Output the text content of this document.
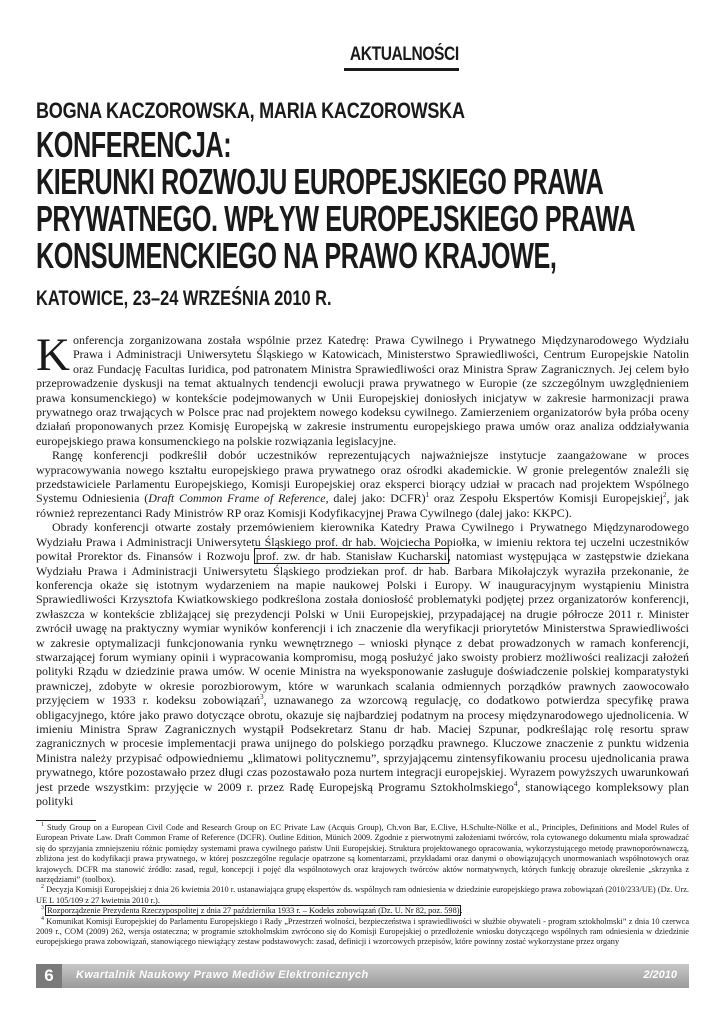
AKTUALNOŚCI
BOGNA KACZOROWSKA, MARIA KACZOROWSKA
KONFERENCJA:
KIERUNKI ROZWOJU EUROPEJSKIEGO PRAWA
PRYWATNEGO. WPŁYW EUROPEJSKIEGO PRAWA
KONSUMENCKIEGO NA PRAWO KRAJOWE,
KATOWICE, 23–24 WRZEŚNIA 2010 R.

Konferencja zorganizowana została wspólnie przez Katedrę: Prawa Cywilnego i Prywatnego Międzynarodowego Wydziału Prawa i Administracji Uniwersytetu Śląskiego w Katowicach, Ministerstwo Sprawiedliwości, Centrum Europejskie Natolin oraz Fundację Facultas Iuridica, pod patronatem Ministra Sprawiedliwości oraz Ministra Spraw Zagranicznych. Jej celem było przeprowadzenie dyskusji na temat aktualnych tendencji ewolucji prawa prywatnego w Europie (ze szczególnym uwzględnieniem prawa konsumenckiego) w kontekście podejmowanych w Unii Europejskiej doniosłych inicjatyw w zakresie harmonizacji prawa prywatnego oraz trwających w Polsce prac nad projektem nowego kodeksu cywilnego. Zamierzeniem organizatorów była próba oceny działań proponowanych przez Komisję Europejską w zakresie instrumentu europejskiego prawa umów oraz analiza oddziaływania europejskiego prawa konsumenckiego na polskie rozwiązania legislacyjne.

Rangę konferencji podkreślił dobór uczestników reprezentujących najważniejsze instytucje zaangażowane w proces wypracowywania nowego kształtu europejskiego prawa prywatnego oraz ośrodki akademickie. W gronie prelegentów znaleźli się przedstawiciele Parlamentu Europejskiego, Komisji Europejskiej oraz eksperci biorący udział w pracach nad projektem Wspólnego Systemu Odniesienia (Draft Common Frame of Reference, dalej jako: DCFR)$^1$ oraz Zespołu Ekspertów Komisji Europejskiej$^2$, jak również reprezentanci Rady Ministrów RP oraz Komisji Kodyfikacyjnej Prawa Cywilnego (dalej jako: KKPC).

Obrady konferencji otwarte zostały przemówieniem kierownika Katedry Prawa Cywilnego i Prywatnego Międzynarodowego Wydziału Prawa i Administracji Uniwersytetu Śląskiego prof. dr hab. Wojciecha Popiołka, w imieniu rektora tej uczelni uczestników powitał Prorektor ds. Finansów i Rozwoju prof. zw. dr hab. Stanisław Kucharski, natomiast występująca w zastępstwie dziekana Wydziału Prawa i Administracji Uniwersytetu Śląskiego prodziekan prof. dr hab. Barbara Mikołajczyk wyraziła przekonanie, że konferencja okaże się istotnym wydarzeniem na mapie naukowej Polski i Europy. W inauguracyjnym wystąpieniu Ministra Sprawiedliwości Krzysztofa Kwiatkowskiego podkreślona została doniosłość problematyki podjętej przez organizatorów konferencji, zwłaszcza w kontekście zbliżającej się prezydencji Polski w Unii Europejskiej, przypadającej na drugie półrocze 2011 r. Minister zwrócił uwagę na praktyczny wymiar wyników konferencji i ich znaczenie dla weryfikacji priorytetów Ministerstwa Sprawiedliwości w zakresie optymalizacji funkcjonowania rynku wewnętrznego – wnioski płynące z debat prowadzonych w ramach konferencji, stwarzającej forum wymiany opinii i wypracowania kompromisu, mogą posłużyć jako swoisty probierz możliwości realizacji założeń polityki Rządu w dziedzinie prawa umów. W ocenie Ministra na wyeksponowanie zasługuje doświadczenie polskiej komparatystyki prawniczej, zdobyte w okresie porozbiorowym, które w warunkach scalania odmiennych porządków prawnych zaowocowało przyjęciem w 1933 r. kodeksu zobowiązań$^3$, uznawanego za wzorcową regulację, co dodatkowo potwierdza specyfikę prawa obligacyjnego, które jako prawo dotyczące obrotu, okazuje się najbardziej podatnym na procesy międzynarodowego ujednolicenia. W imieniu Ministra Spraw Zagranicznych wystąpił Podsekretarz Stanu dr hab. Maciej Szpunar, podkreślając rolę resortu spraw zagranicznych w procesie implementacji prawa unijnego do polskiego porządku prawnego. Kluczowe znaczenie z punktu widzenia Ministra należy przypisać odpowiedniemu „klimatowi politycznemu”, sprzyjającemu zintensyfikowaniu procesu ujednolicania prawa prywatnego, które pozostawało przez długi czas pozostawało poza nurtem integracji europejskiej. Wyrazem powyższych uwarunkowań jest przede wszystkim: przyjęcie w 2009 r. przez Radę Europejską Programu Sztokholmskiego$^4$, stanowiącego kompleksowy plan polityki

$^1$ Study Group on a European Civil Code and Research Group on EC Private Law (Acquis Group), Ch.von Bar, E.Clive, H.Schulte-Nölke et al., Principles, Definitions and Model Rules of European Private Law. Draft Common Frame of Reference (DCFR). Outline Edition, Münich 2009. Zgodnie z pierwotnymi założeniami twórców, rola cytowanego dokumentu miała sprowadzać się do sprzyjania zmniejszeniu różnic pomiędzy systemami prawa cywilnego państw Unii Europejskiej. Struktura projektowanego opracowania, wykorzystującego metodę prawnoporównawczą, zbliżona jest do kodyfikacji prawa prywatnego, w której poszczególne regulacje opatrzone są komentarzami, przykładami oraz danymi o obowiązujących unormowaniach współnotowych oraz krajowych. DCFR ma stanowić źródło: zasad, reguł, koncepcji i pojęć dla wspólnotowych oraz krajowych twórców aktów normatywnych, których funkcję obrazuje określenie „skrzynka z narzędziami” (toolbox).

$^2$ Decyzja Komisji Europejskiej z dnia 26 kwietnia 2010 r. ustanawiająca grupę ekspertów ds. wspólnych ram odniesienia w dziedzinie europejskiego prawa zobowiązań (2010/233/UE) (Dz. Urz. UE L 105/109 z 27 kwietnia 2010 r.).

$^3$ Rozporządzenie Prezydenta Rzeczypospolitej z dnia 27 października 1933 r. – Kodeks zobowiązań (Dz. U. Nr 82, poz. 598).

$^4$ Komunikat Komisji Europejskiej do Parlamentu Europejskiego i Rady „Przestrzeń wolności, bezpieczeństwa i sprawiedliwości w służbie obywateli - program sztokholmski” z dnia 10 czerwca 2009 r., COM (2009) 262, wersja ostateczna; w programie sztokholmskim zwrócono się do Komisji Europejskiej o przedłożenie wniosku dotyczącego wspólnych ram odniesienia w dziedzinie europejskiego prawa zobowiązań, stanowiącego niewiążący zestaw podstawowych: zasad, definicji i wzorcowych przepisów, które powinny zostać wykorzystane przez organy

6	Kwartalnik Naukowy Prawo Mediów Elektronicznych	2/2010
